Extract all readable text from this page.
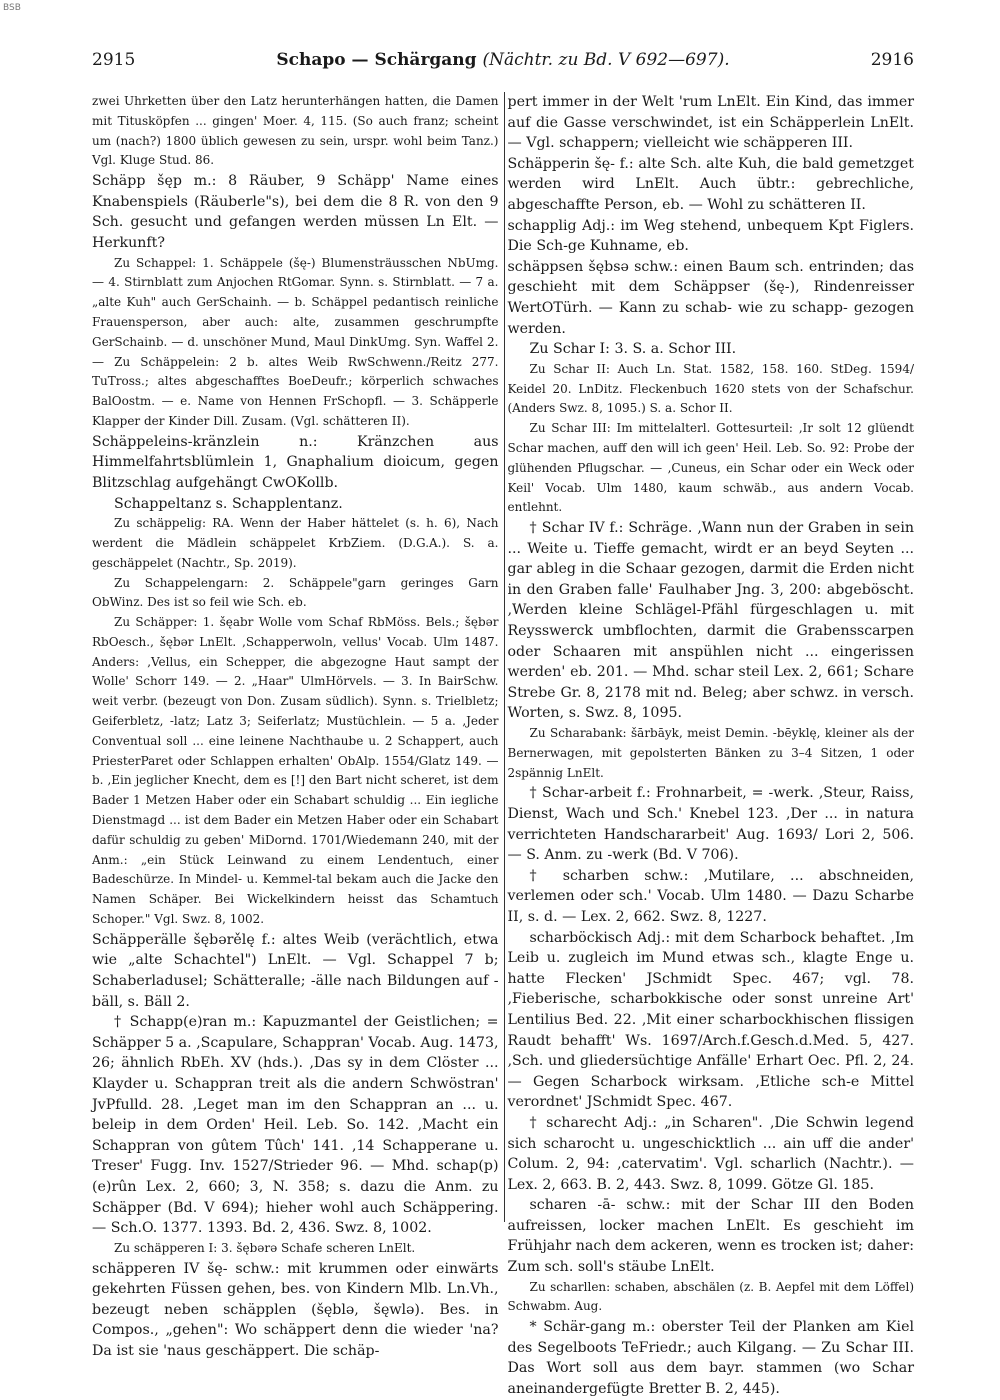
BSB
2915	Schapo — Schärgang (Nächtr. zu Bd. V 692—697).	2916

zwei Uhrketten über den Latz herunterhängen hatten, die Damen mit Titusköpfen ... gingen' Moer. 4, 115. (So auch franz; scheint um (nach?) 1800 üblich gewesen zu sein, urspr. wohl beim Tanz.) Vgl. Kluge Stud. 86.

Schäpp šęp m.: 8 Räuber, 9 Schäpp' Name eines Knabenspiels (Räuberle"s), bei dem die 8 R. von den 9 Sch. gesucht und gefangen werden müssen Ln Elt. — Herkunft?

Zu Schappel: 1. Schäppele (šę-) Blumensträusschen NbUmg. — 4. Stirnblatt zum Anjochen RtGomar. Synn. s. Stirnblatt. — 7 a. „alte Kuh" auch GerSchainh. — b. Schäppel pedantisch reinliche Frauensperson, aber auch: alte, zusammen geschrumpfte GerSchainb. — d. unschöner Mund, Maul DinkUmg. Syn. Waffel 2. — Zu Schäppelein: 2 b. altes Weib RwSchwenn./Reitz 277. TuTross.; altes abgeschafftes BoeDeufr.; körperlich schwaches BalOostm. — e. Name von Hennen FrSchopfl. — 3. Schäpperle Klapper der Kinder Dill. Zusam. (Vgl. schätteren II).

Schäppeleins-kränzlein n.: Kränzchen aus Himmelfahrtsblümlein 1, Gnaphalium dioicum, gegen Blitzschlag aufgehängt CwOKollb.

Schappeltanz s. Schapplentanz.

Zu schäppelig: RA. Wenn der Haber hättelet (s. h. 6), Nach werdent die Mädlein schäppelet KrbZiem. (D.G.A.). S. a. geschäppelet (Nachtr., Sp. 2019).

Zu Schappelengarn: 2. Schäppele"garn geringes Garn ObWinz. Des ist so feil wie Sch. eb.

Zu Schäpper: 1. šęabr Wolle vom Schaf RbMöss. Bels.; šębər RbOesch., šębər LnElt. ‚Schapperwoln, vellus' Vocab. Ulm 1487. Anders: ‚Vellus, ein Schepper, die abgezogne Haut sampt der Wolle' Schorr 149. — 2. „Haar" UlmHörvels. — 3. In BairSchw. weit verbr. (bezeugt von Don. Zusam südlich). Synn. s. Trielbletz; Geiferbletz, -latz; Latz 3; Seiferlatz; Mustüchlein. — 5 a. ‚Jeder Conventual soll ... eine leinene Nachthaube u. 2 Schappert, auch PriesterParet oder Schlappen erhalten' ObAlp. 1554/Glatz 149. — b. ‚Ein jeglicher Knecht, dem es [!] den Bart nicht scheret, ist dem Bader 1 Metzen Haber oder ein Schabart schuldig ... Ein iegliche Dienstmagd ... ist dem Bader ein Metzen Haber oder ein Schabart dafür schuldig zu geben' MiDornd. 1701/Wiedemann 240, mit der Anm.: „ein Stück Leinwand zu einem Lendentuch, einer Badeschürze. In Mindel- u. Kemmel-tal bekam auch die Jacke den Namen Schäper. Bei Wickelkindern heisst das Schamtuch Schoper." Vgl. Swz. 8, 1002.

Schäpperälle šębərělę f.: altes Weib (verächtlich, etwa wie „alte Schachtel") LnElt. — Vgl. Schappel 7 b; Schaberladusel; Schätteralle; -älle nach Bildungen auf -bäll, s. Bäll 2.

† Schapp(e)ran m.: Kapuzmantel der Geistlichen; = Schäpper 5 a. ‚Scapulare, Schappran' Vocab. Aug. 1473, 26; ähnlich RbEh. XV (hds.). ‚Das sy in dem Clöster ... Klayder u. Schappran treit als die andern Schwöstran' JvPfulld. 28. ‚Leget man im den Schappran an ... u. beleip in dem Orden' Heil. Leb. So. 142. ‚Macht ein Schappran von gûtem Tûch' 141. ‚14 Schapperane u. Treser' Fugg. Inv. 1527/Strieder 96. — Mhd. schap(p)(e)rûn Lex. 2, 660; 3, N. 358; s. dazu die Anm. zu Schäpper (Bd. V 694); hieher wohl auch Schäppering. — Sch.O. 1377. 1393. Bd. 2, 436. Swz. 8, 1002.

Zu schäpperen I: 3. šębərə Schafe scheren LnElt.

schäpperen IV šę- schw.: mit krummen oder einwärts gekehrten Füssen gehen, bes. von Kindern Mlb. Ln.Vh., bezeugt neben schäpplen (šęblə, šęwlə). Bes. in Compos., „gehen": Wo schäppert denn die wieder 'na? Da ist sie 'naus geschäppert. Die schäp-

pert immer in der Welt 'rum LnElt. Ein Kind, das immer auf die Gasse verschwindet, ist ein Schäpperlein LnElt. — Vgl. schappern; vielleicht wie schäpperen III.

Schäpperin šę- f.: alte Sch. alte Kuh, die bald gemetzget werden wird LnElt. Auch übtr.: gebrechliche, abgeschaffte Person, eb. — Wohl zu schätteren II.

schapplig Adj.: im Weg stehend, unbequem Kpt Figlers. Die Sch-ge Kuhname, eb.

schäppsen šębsə schw.: einen Baum sch. entrinden; das geschieht mit dem Schäppser (šę-), Rindenreisser WertOTürh. — Kann zu schab- wie zu schapp- gezogen werden.

Zu Schar I: 3. S. a. Schor III.

Zu Schar II: Auch Ln. Stat. 1582, 158. 160. StDeg. 1594/ Keidel 20. LnDitz. Fleckenbuch 1620 stets von der Schafschur. (Anders Swz. 8, 1095.) S. a. Schor II.

Zu Schar III: Im mittelalterl. Gottesurteil: ‚Ir solt 12 glüendt Schar machen, auff den will ich geen' Heil. Leb. So. 92: Probe der glühenden Pflugschar. — ‚Cuneus, ein Schar oder ein Weck oder Keil' Vocab. Ulm 1480, kaum schwäb., aus andern Vocab. entlehnt.

† Schar IV f.: Schräge. ‚Wann nun der Graben in sein ... Weite u. Tieffe gemacht, wirdt er an beyd Seyten ... gar ableg in die Schaar gezogen, darmit die Erden nicht in den Graben falle' Faulhaber Jng. 3, 200: abgeböscht. ‚Werden kleine Schlägel-Pfähl fürgeschlagen u. mit Reysswerck umbflochten, darmit die Grabensscarpen oder Schaaren mit anspühlen nicht ... eingerissen werden' eb. 201. — Mhd. schar steil Lex. 2, 661; Schare Strebe Gr. 8, 2178 mit nd. Beleg; aber schwz. in versch. Worten, s. Swz. 8, 1095.

Zu Scharabank: šārbāyk, meist Demin. -bēyklę, kleiner als der Bernerwagen, mit gepolsterten Bänken zu 3–4 Sitzen, 1 oder 2spännig LnElt.

† Schar-arbeit f.: Frohnarbeit, = -werk. ‚Steur, Raiss, Dienst, Wach und Sch.' Knebel 123. ‚Der ... in natura verrichteten Handschararbeit' Aug. 1693/ Lori 2, 506. — S. Anm. zu -werk (Bd. V 706).

† scharben schw.: ‚Mutilare, ... abschneiden, verlemen oder sch.' Vocab. Ulm 1480. — Dazu Scharbe II, s. d. — Lex. 2, 662. Swz. 8, 1227.

scharböckisch Adj.: mit dem Scharbock behaftet. ‚Im Leib u. zugleich im Mund etwas sch., klagte Enge u. hatte Flecken' JSchmidt Spec. 467; vgl. 78. ‚Fieberische, scharbokkische oder sonst unreine Art' Lentilius Bed. 22. ‚Mit einer scharbockhischen flissigen Raudt behafft' Ws. 1697/Arch.f.Gesch.d.Med. 5, 427. ‚Sch. und gliedersüchtige Anfälle' Erhart Oec. Pfl. 2, 24. — Gegen Scharbock wirksam. ‚Etliche sch-e Mittel verordnet' JSchmidt Spec. 467.

† scharecht Adj.: „in Scharen". ‚Die Schwin legend sich scharocht u. ungeschicktlich ... ain uff die ander' Colum. 2, 94: ‚catervatim'. Vgl. scharlich (Nachtr.). — Lex. 2, 663. B. 2, 443. Swz. 8, 1099. Götze Gl. 185.

scharen -ā- schw.: mit der Schar III den Boden aufreissen, locker machen LnElt. Es geschieht im Frühjahr nach dem ackeren, wenn es trocken ist; daher: Zum sch. soll's stäube LnElt.

Zu scharllen: schaben, abschälen (z. B. Aepfel mit dem Löffel) Schwabm. Aug.

* Schär-gang m.: oberster Teil der Planken am Kiel des Segelboots TeFriedr.; auch Kilgang. — Zu Schar III. Das Wort soll aus dem bayr. stammen (wo Schar aneinandergefügte Bretter B. 2, 445).
